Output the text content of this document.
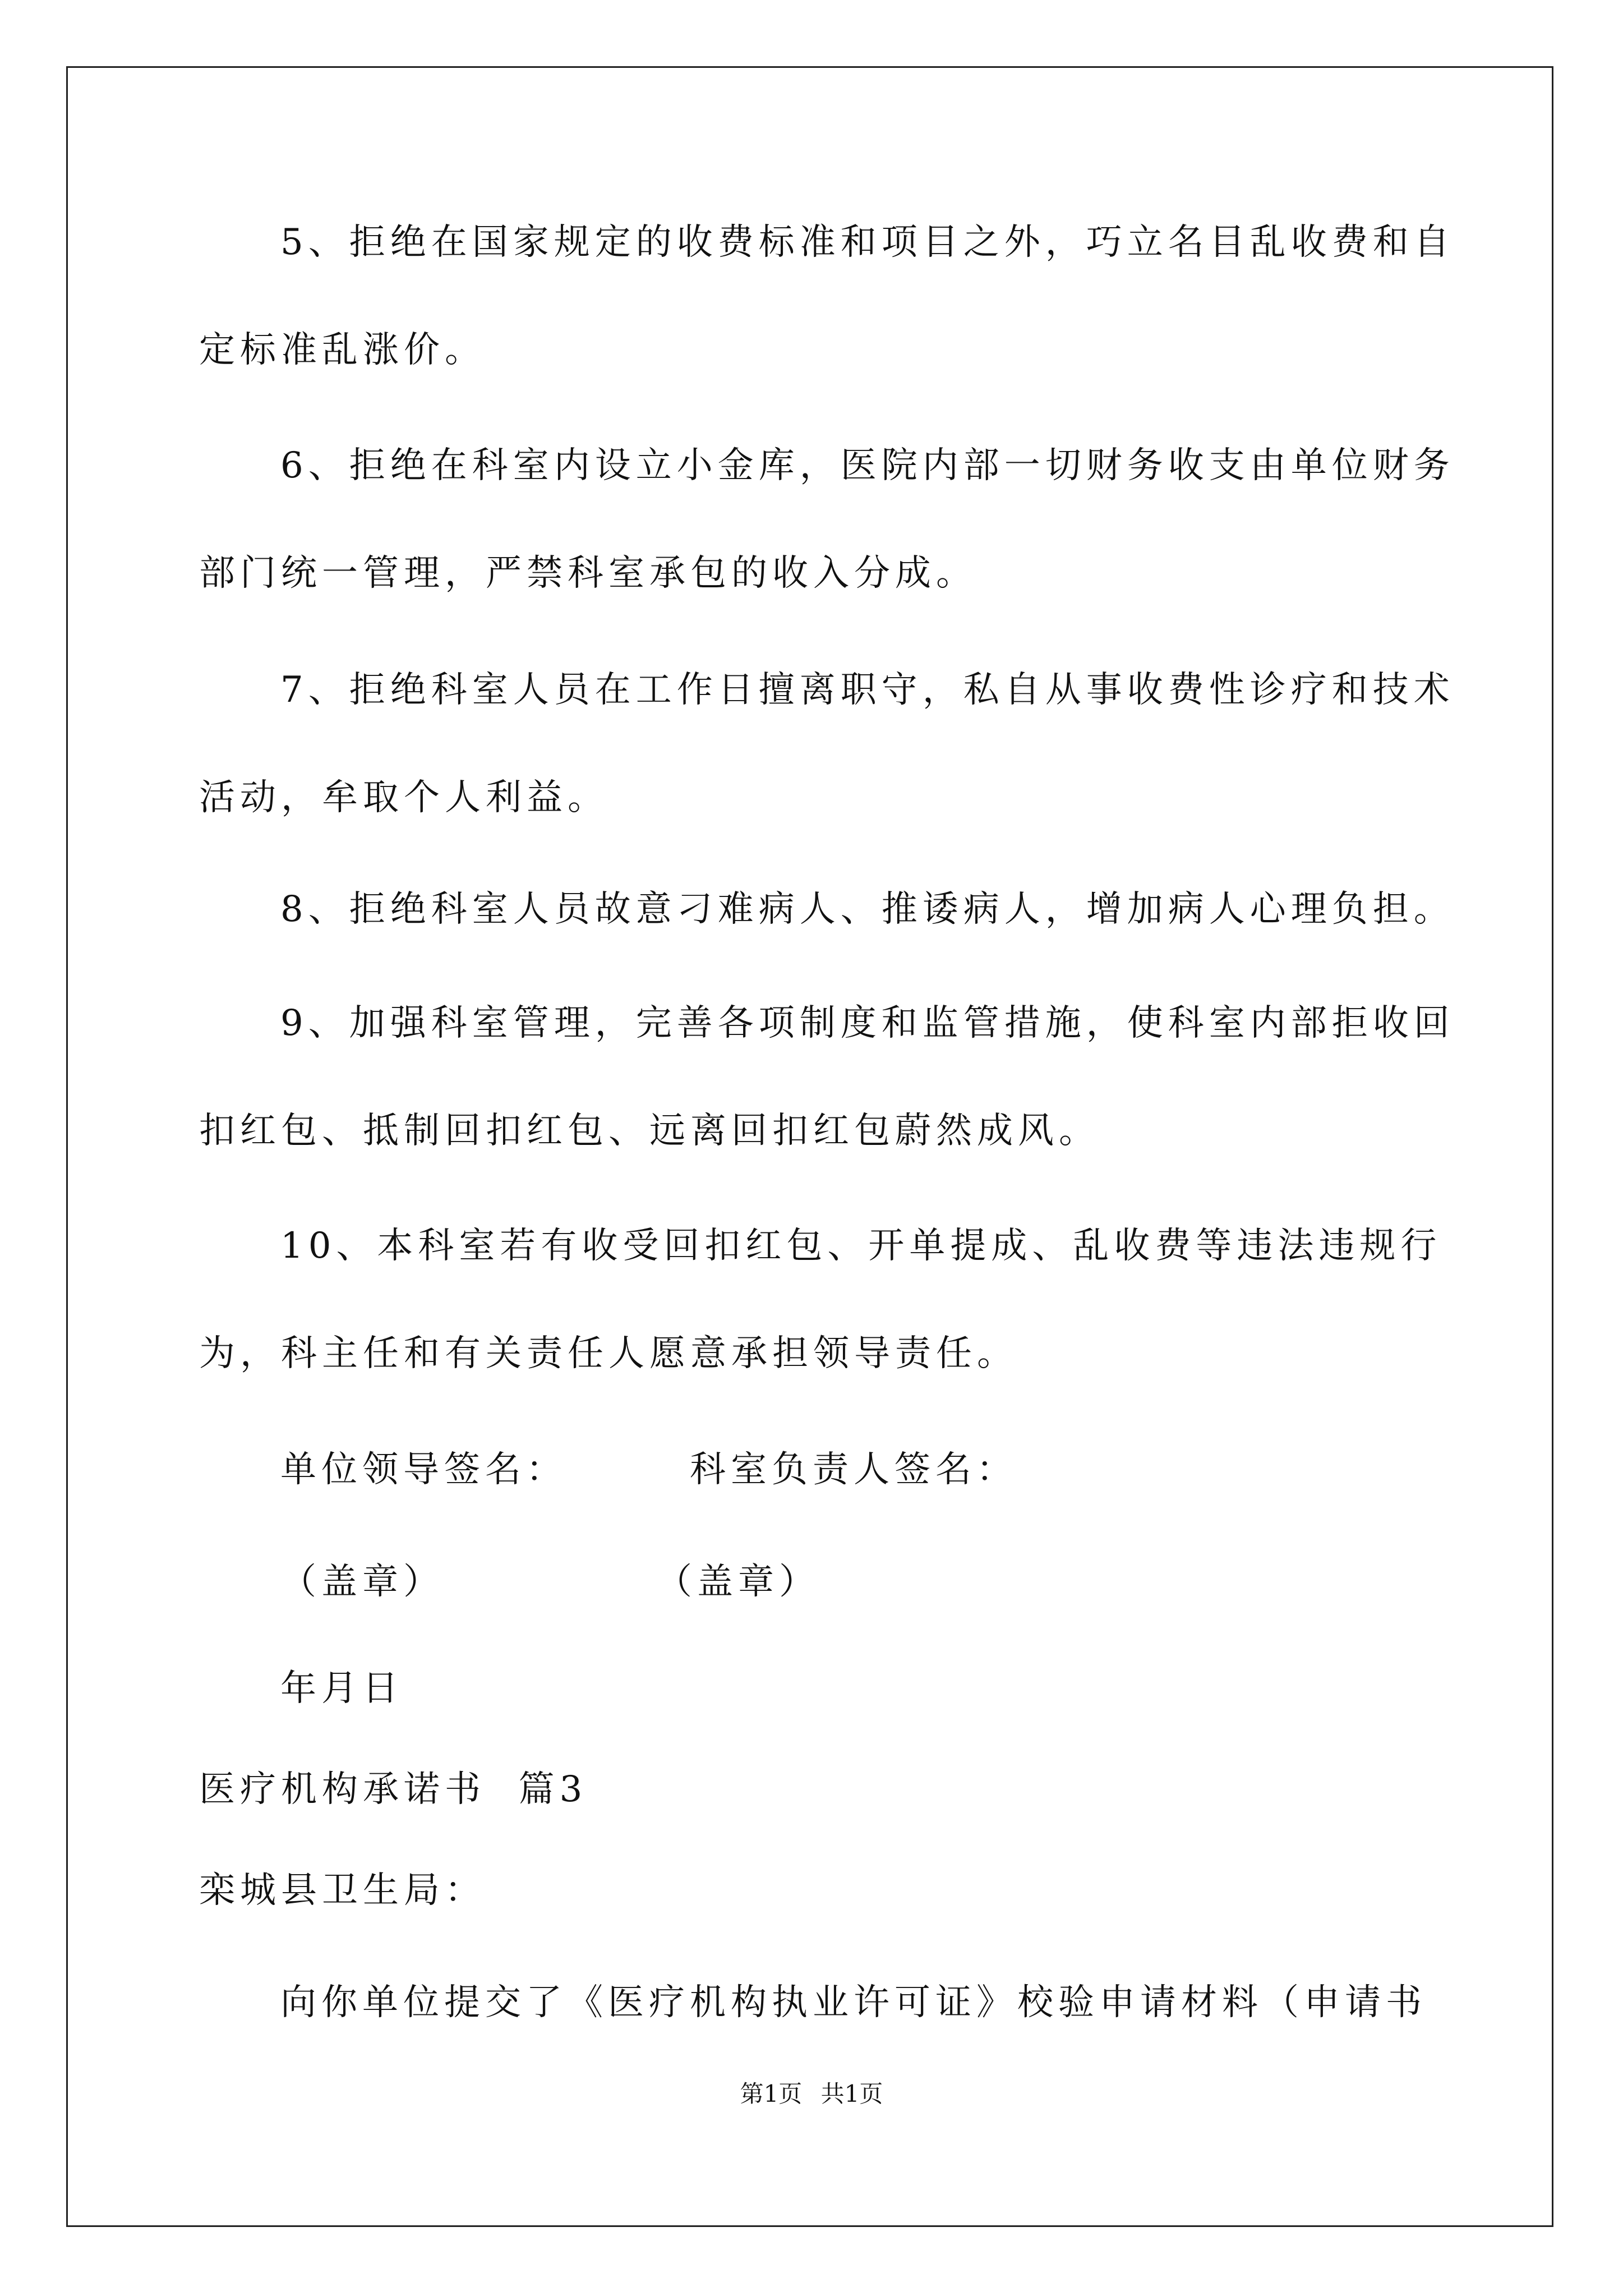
5、拒绝在国家规定的收费标准和项目之外，巧立名目乱收费和自
定标准乱涨价。
6、拒绝在科室内设立小金库，医院内部一切财务收支由单位财务
部门统一管理，严禁科室承包的收入分成。
7、拒绝科室人员在工作日擅离职守，私自从事收费性诊疗和技术
活动，牟取个人利益。
8、拒绝科室人员故意刁难病人、推诿病人，增加病人心理负担。
9、加强科室管理，完善各项制度和监管措施，使科室内部拒收回
扣红包、抵制回扣红包、远离回扣红包蔚然成风。
10、本科室若有收受回扣红包、开单提成、乱收费等违法违规行
为，科主任和有关责任人愿意承担领导责任。
单位领导签名：	科室负责人签名：
（盖章）	（盖章）
年月日
医疗机构承诺书  篇3
栾城县卫生局：
向你单位提交了《医疗机构执业许可证》校验申请材料（申请书
第1页 共1页
